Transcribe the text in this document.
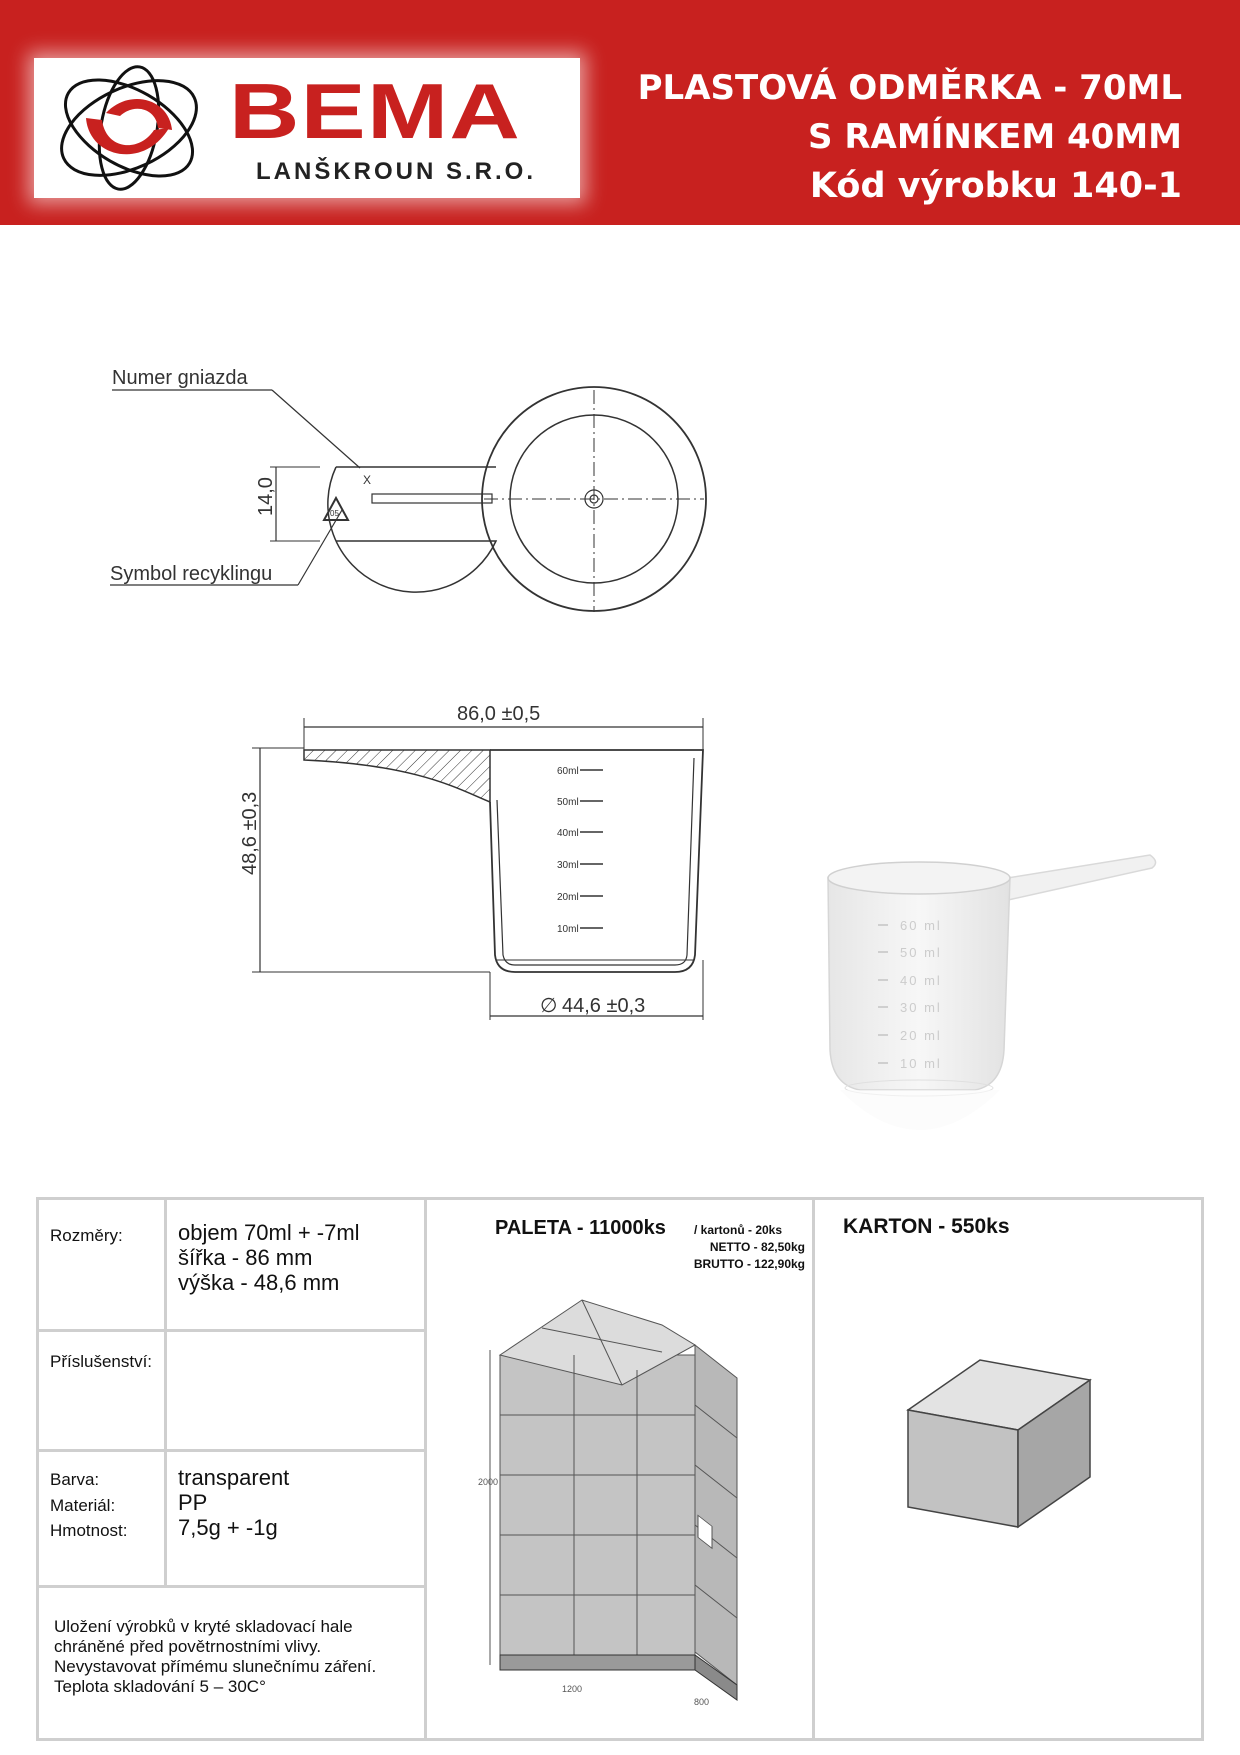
BEMA
LANŠKROUN S.R.O.
PLASTOVÁ ODMĚRKA - 70ML
S RAMÍNKEM 40MM
Kód výrobku 140-1
Numer gniazda
Symbol recyklingu
14,0	X
05
86,0 ±0,5
48,6 ±0,3
60ml
50ml
40ml
30ml
20ml
10ml
∅ 44,6 ±0,3
60 ml
50 ml
40 ml
30 ml
20 ml
10 ml
Rozměry:	objem 70ml + -7ml
šířka - 86 mm
výška - 48,6 mm
Příslušenství:
Barva:
Materiál:
Hmotnost:
transparent
PP
7,5g + -1g
Uložení výrobků v kryté skladovací hale
chráněné před povětrnostními vlivy.
Nevystavovat přímému slunečnímu záření.
Teplota skladování 5 – 30C°
PALETA - 11000ks / kartonů - 20ks
NETTO - 82,50kg
BRUTTO - 122,90kg
2000
1200
800
KARTON - 550ks
